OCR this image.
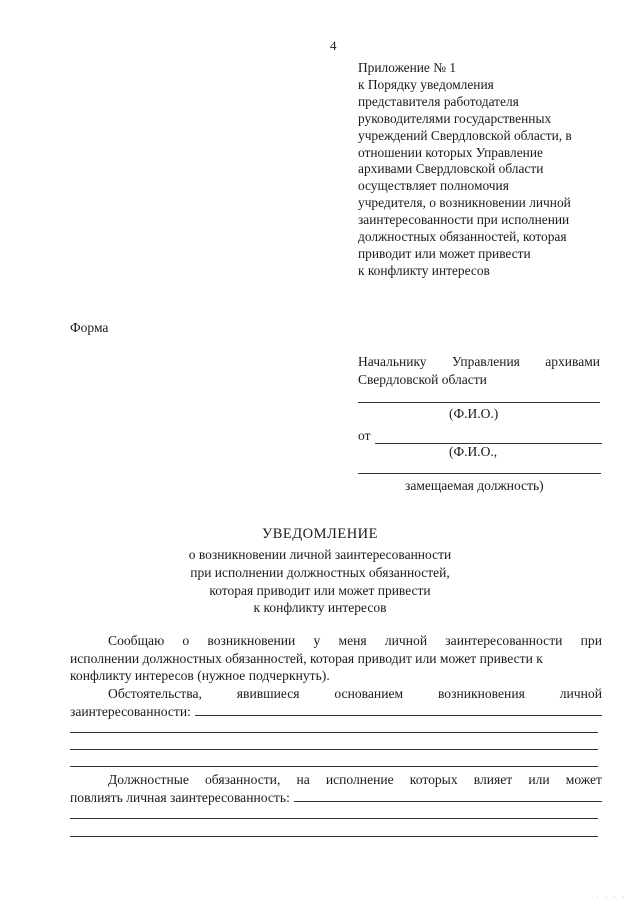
4
Приложение № 1
к Порядку уведомления
представителя работодателя
руководителями государственных
учреждений Свердловской области, в
отношении которых Управление
архивами Свердловской области
осуществляет полномочия
учредителя, о возникновении личной
заинтересованности при исполнении
должностных обязанностей, которая
приводит или может привести
к конфликту интересов
Форма
Начальнику Управления архивами
Свердловской области
(Ф.И.О.)
от
(Ф.И.О.,
замещаемая должность)
УВЕДОМЛЕНИЕ
о возникновении личной заинтересованности
при исполнении должностных обязанностей,
которая приводит или может привести
к конфликту интересов
Сообщаю о возникновении у меня личной заинтересованности при
исполнении должностных обязанностей, которая приводит или может привести к
конфликту интересов (нужное подчеркнуть).
Обстоятельства,	явившиеся	основанием	возникновения	личной
заинтересованности:
Должностные обязанности, на исполнение которых влияет или может
повлиять личная заинтересованность:
· · · ·
